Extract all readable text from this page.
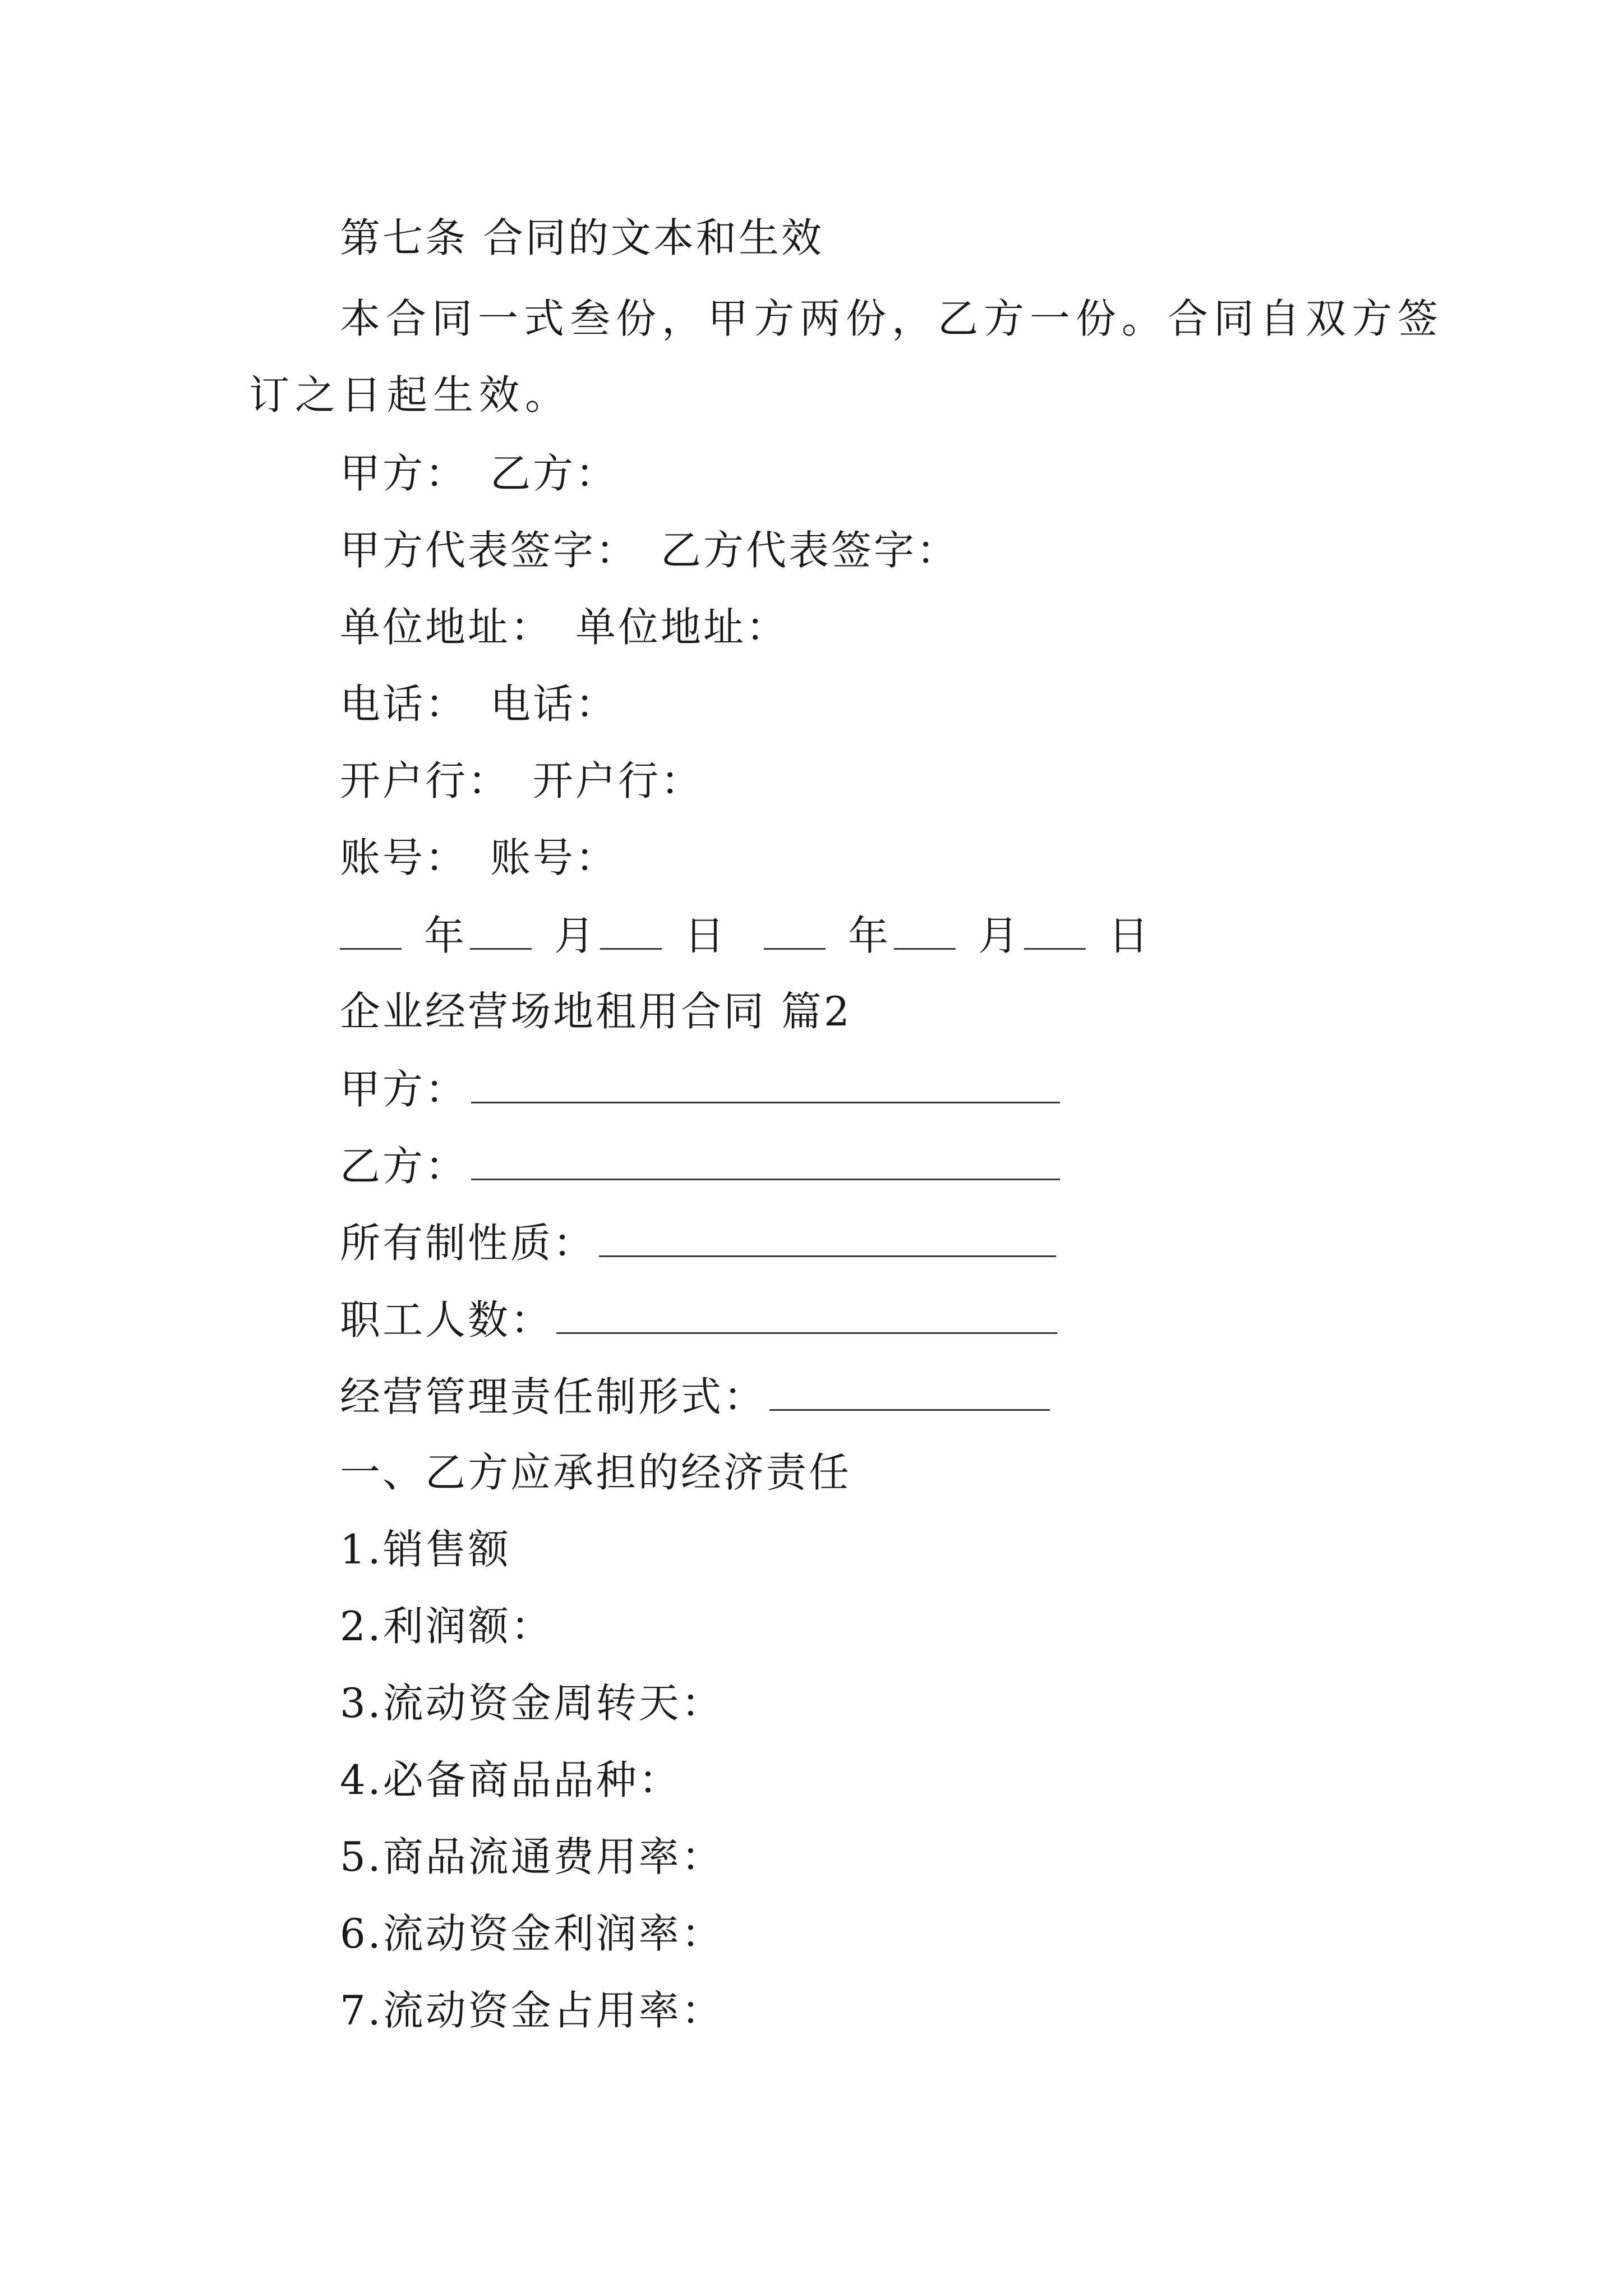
第七条 合同的文本和生效
本合同一式叁份，甲方两份，乙方一份。合同自双方签
订之日起生效。
甲方： 乙方：
甲方代表签字： 乙方代表签字：
单位地址： 单位地址：
电话： 电话：
开户行： 开户行：
账号： 账号：
年 月 日	年 月 日
企业经营场地租用合同 篇2
甲方：
乙方：
所有制性质：
职工人数：
经营管理责任制形式：
一、乙方应承担的经济责任
1.销售额
2.利润额：
3.流动资金周转天：
4.必备商品品种：
5.商品流通费用率：
6.流动资金利润率：
7.流动资金占用率：
